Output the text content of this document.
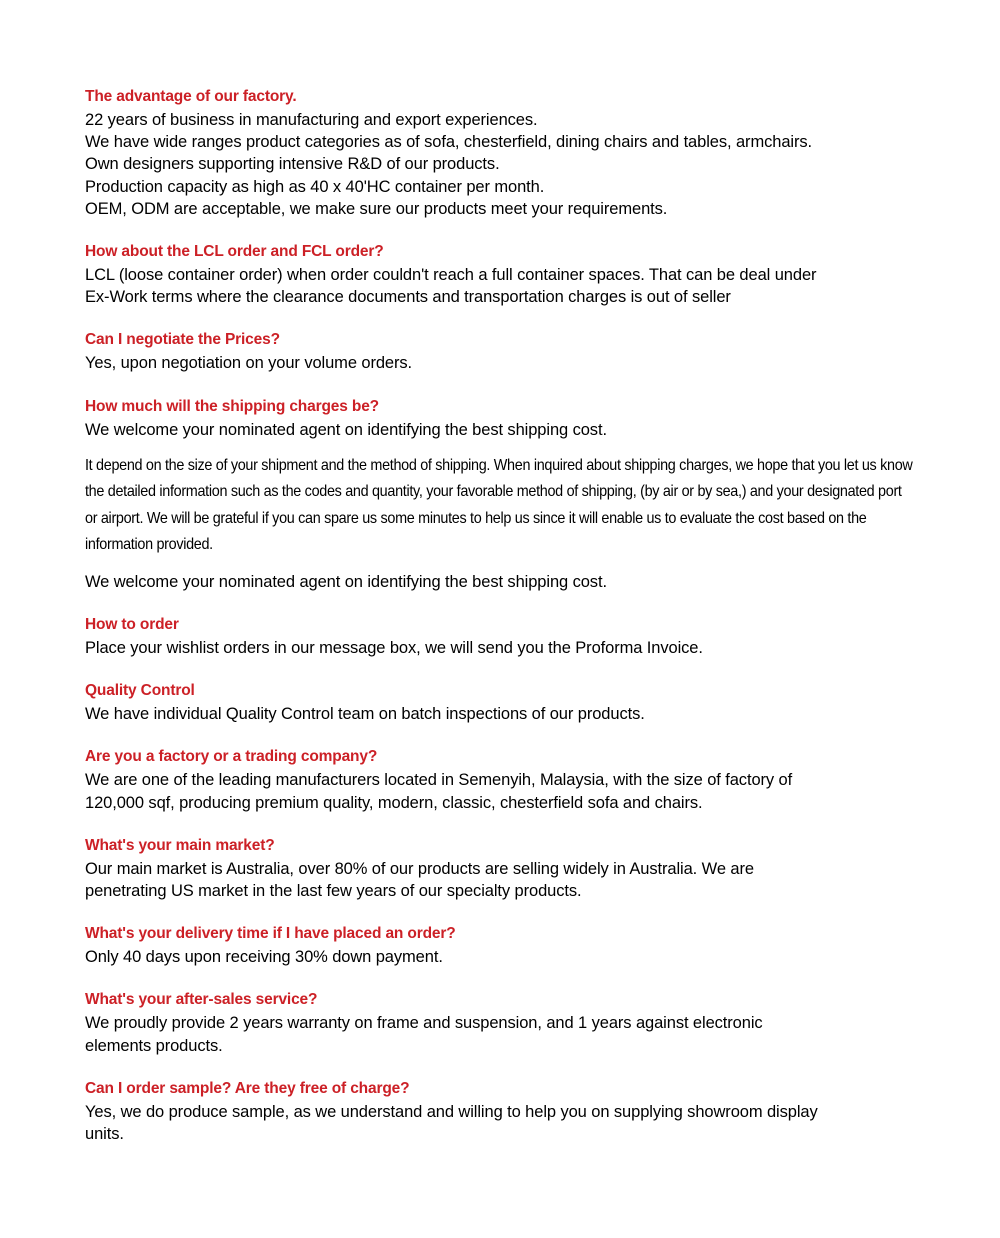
The advantage of our factory.

22 years of business in manufacturing and export experiences.

We have wide ranges product categories as of sofa, chesterfield, dining chairs and tables, armchairs.

Own designers supporting intensive R&D of our products.

Production capacity as high as 40 x 40'HC container per month.

OEM, ODM are acceptable, we make sure our products meet your requirements.

How about the LCL order and FCL order?

LCL (loose container order) when order couldn't reach a full container spaces. That can be deal under

Ex-Work terms where the clearance documents and transportation charges is out of seller

Can I negotiate the Prices?

Yes, upon negotiation on your volume orders.

How much will the shipping charges be?

We welcome your nominated agent on identifying the best shipping cost.

It depend on the size of your shipment and the method of shipping. When inquired about shipping charges, we hope that you let us know the detailed information such as the codes and quantity, your favorable method of shipping, (by air or by sea,) and your designated port or airport. We will be grateful if you can spare us some minutes to help us since it will enable us to evaluate the cost based on the information provided.

We welcome your nominated agent on identifying the best shipping cost.

How to order

Place your wishlist orders in our message box, we will send you the Proforma Invoice.

Quality Control

We have individual Quality Control team on batch inspections of our products.

Are you a factory or a trading company?

We are one of the leading manufacturers located in Semenyih, Malaysia, with the size of factory of

120,000 sqf, producing premium quality, modern, classic, chesterfield sofa and chairs.

What's your main market?

Our main market is Australia, over 80% of our products are selling widely in Australia. We are

penetrating US market in the last few years of our specialty products.

What's your delivery time if I have placed an order?

Only 40 days upon receiving 30% down payment.

What's your after-sales service?

We proudly provide 2 years warranty on frame and suspension, and 1 years against electronic

elements products.

Can I order sample? Are they free of charge?

Yes, we do produce sample, as we understand and willing to help you on supplying showroom display

units.
